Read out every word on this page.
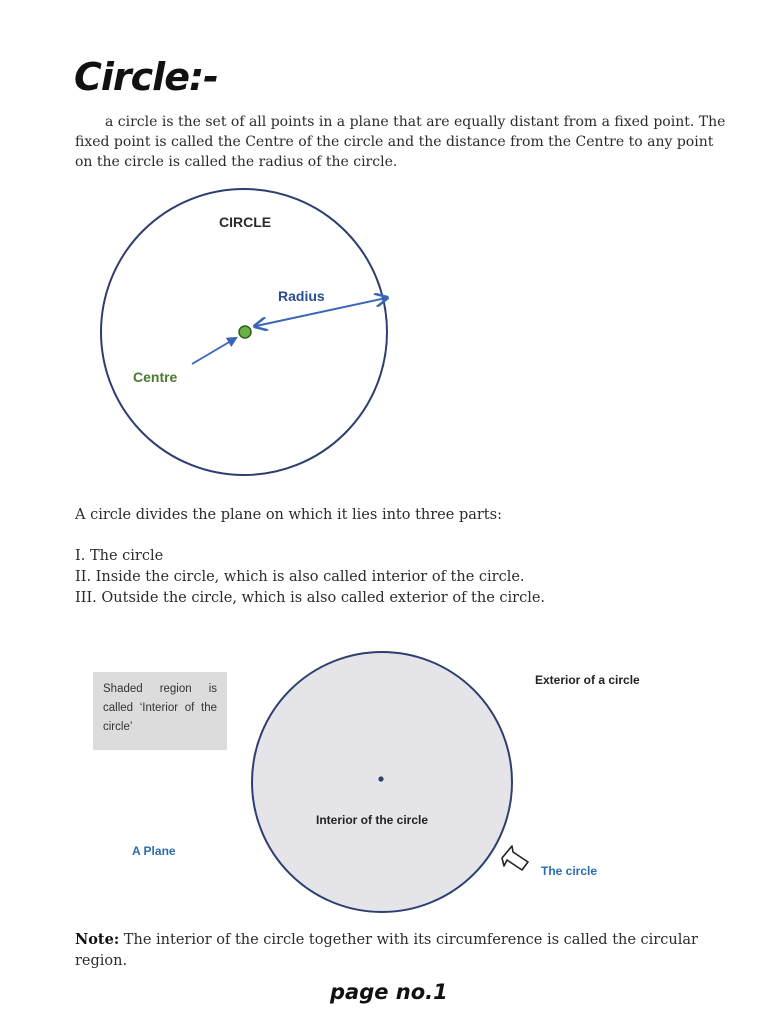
Circle:-

a circle is the set of all points in a plane that are equally distant from a fixed point. The fixed point is called the Centre of the circle and the distance from the Centre to any point on the circle is called the radius of the circle.

CIRCLE
Radius
Centre

A circle divides the plane on which it lies into three parts:

I. The circle
II. Inside the circle, which is also called interior of the circle.
III. Outside the circle, which is also called exterior of the circle.
Shaded region is called ‘Interior of the circle’
Exterior of a circle
Interior of the circle
A Plane
The circle

Note: The interior of the circle together with its circumference is called the circular region.

page no.1
